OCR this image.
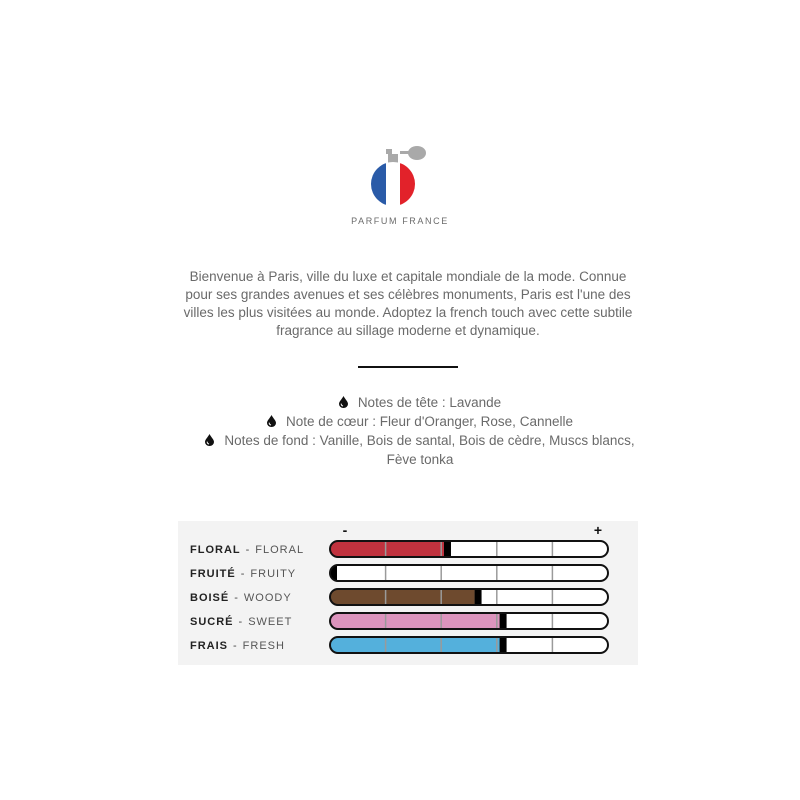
PARFUM FRANCE
Bienvenue à Paris, ville du luxe et capitale mondiale de la mode. Connue pour ses grandes avenues et ses célèbres monuments, Paris est l'une des villes les plus visitées au monde. Adoptez la french touch avec cette subtile fragrance au sillage moderne et dynamique.
Notes de tête : Lavande
Note de cœur : Fleur d'Oranger, Rose, Cannelle
Notes de fond : Vanille, Bois de santal, Bois de cèdre, Muscs blancs, Fève tonka
-	+
FLORAL - FLORAL
FRUITÉ - FRUITY
BOISÉ - WOODY
SUCRÉ - SWEET
FRAIS - FRESH
